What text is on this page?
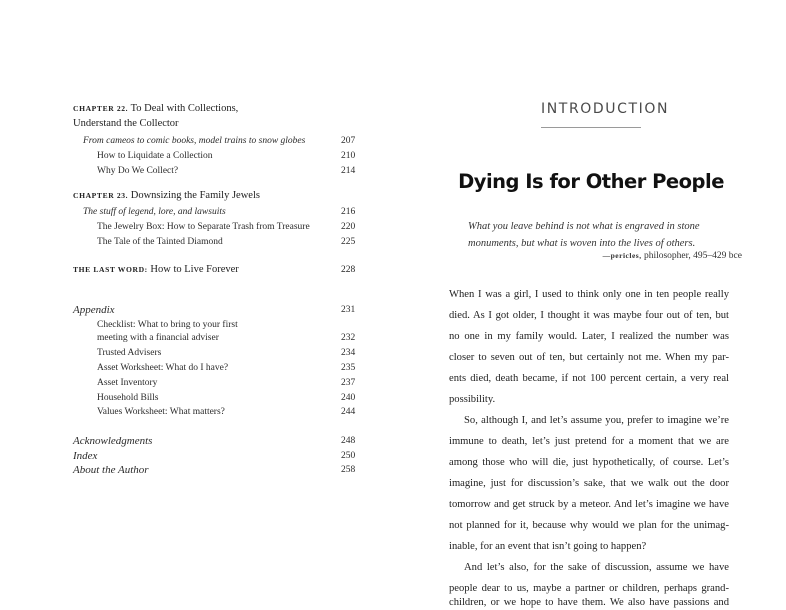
CHAPTER 22. To Deal with Collections,
Understand the Collector
From cameos to comic books, model trains to snow globes	207
How to Liquidate a Collection	210
Why Do We Collect?	214
CHAPTER 23. Downsizing the Family Jewels
The stuff of legend, lore, and lawsuits	216
The Jewelry Box: How to Separate Trash from Treasure	220
The Tale of the Tainted Diamond	225
THE LAST WORD: How to Live Forever	228
Appendix	231
Checklist: What to bring to your first
meeting with a financial adviser	232
Trusted Advisers	234
Asset Worksheet: What do I have?	235
Asset Inventory	237
Household Bills	240
Values Worksheet: What matters?	244
Acknowledgments	248
Index	250
About the Author	258
INTRODUCTION
Dying Is for Other People
What you leave behind is not what is engraved in stone
monuments, but what is woven into the lives of others.
—pericles, philosopher, 495–429 bce
When I was a girl, I used to think only one in ten people really
died. As I got older, I thought it was maybe four out of ten, but
no one in my family would. Later, I realized the number was
closer to seven out of ten, but certainly not me. When my par-
ents died, death became, if not 100 percent certain, a very real
possibility.
So, although I, and let’s assume you, prefer to imagine we’re
immune to death, let’s just pretend for a moment that we are
among those who will die, just hypothetically, of course. Let’s
imagine, just for discussion’s sake, that we walk out the door
tomorrow and get struck by a meteor. And let’s imagine we have
not planned for it, because why would we plan for the unimag-
inable, for an event that isn’t going to happen?
And let’s also, for the sake of discussion, assume we have
people dear to us, maybe a partner or children, perhaps grand-
children, or we hope to have them. We also have passions and
